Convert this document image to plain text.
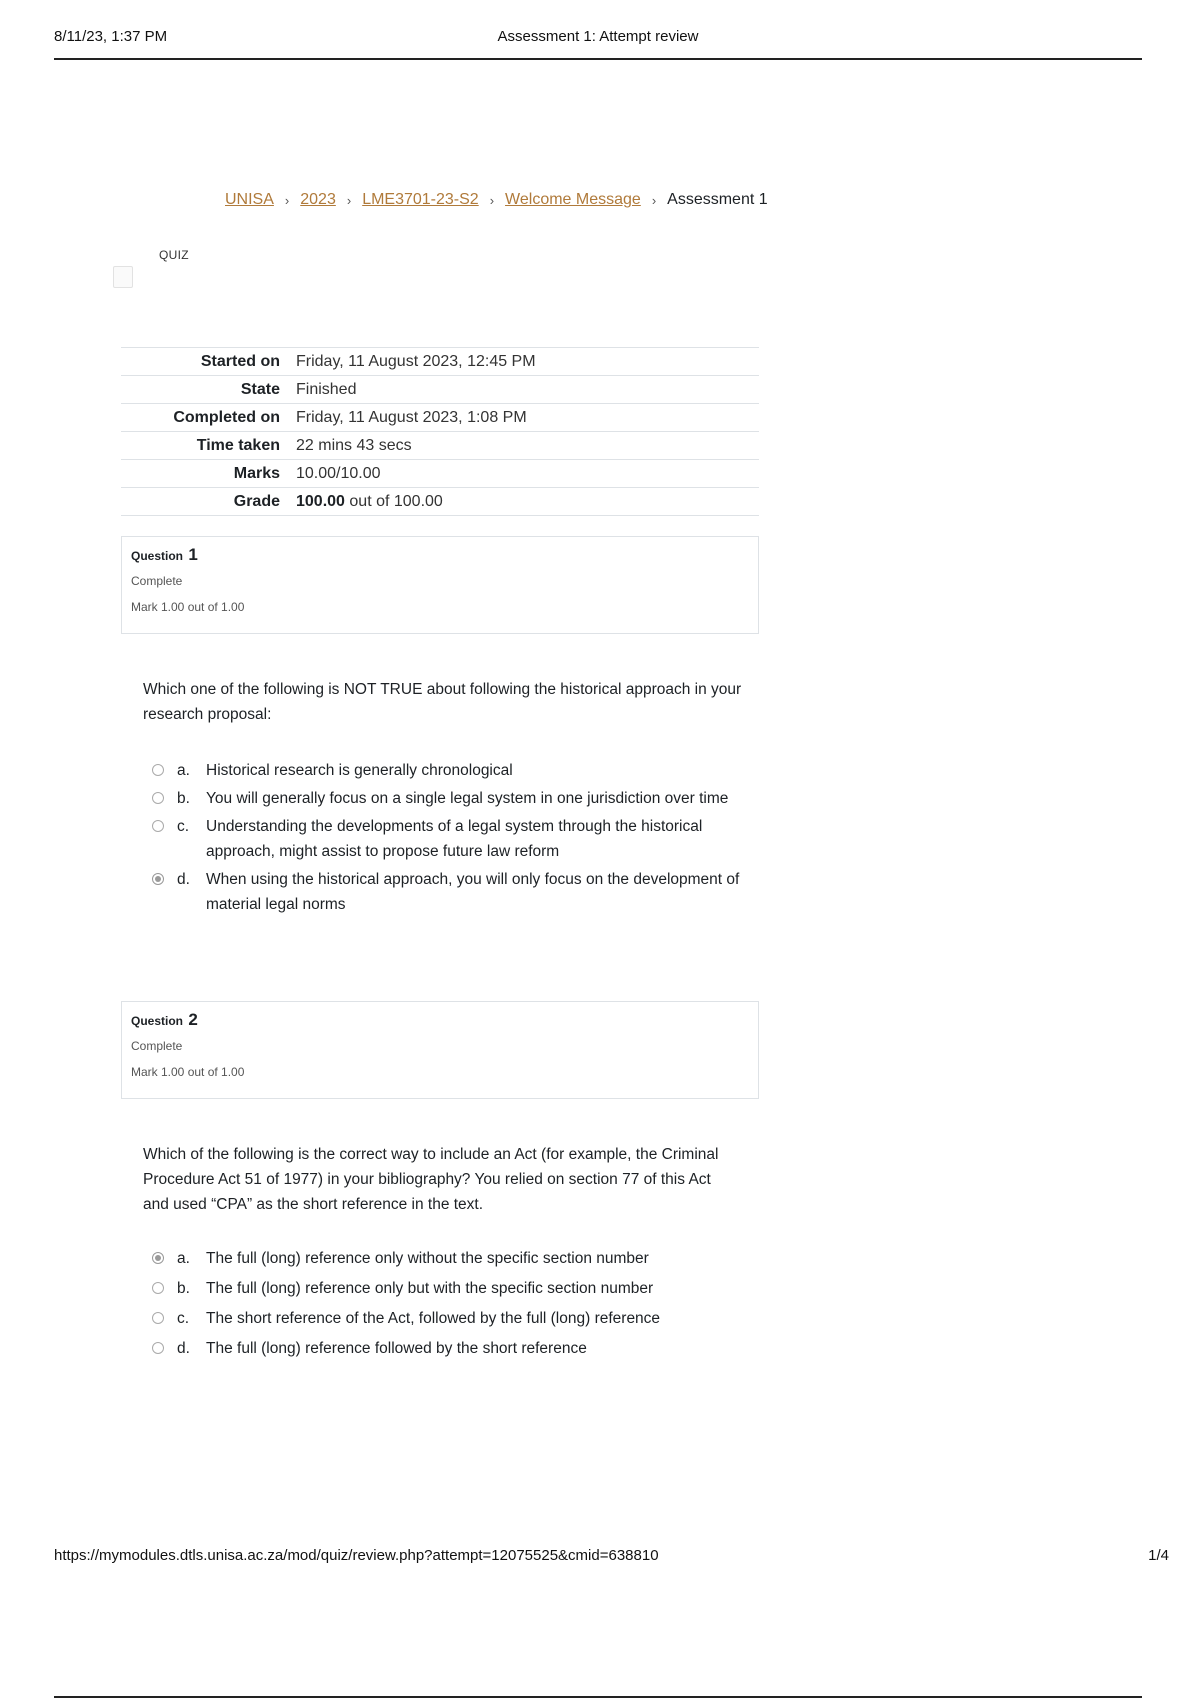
8/11/23, 1:37 PM	Assessment 1: Attempt review
UNISA › 2023 › LME3701-23-S2 › Welcome Message › Assessment 1
QUIZ
Started on	Friday, 11 August 2023, 12:45 PM
State	Finished
Completed on	Friday, 11 August 2023, 1:08 PM
Time taken	22 mins 43 secs
Marks	10.00/10.00
Grade	100.00 out of 100.00
Question 1
Complete
Mark 1.00 out of 1.00
Which one of the following is NOT TRUE about following the historical approach in your research proposal:
a. Historical research is generally chronological
b. You will generally focus on a single legal system in one jurisdiction over time
c. Understanding the developments of a legal system through the historical approach, might assist to propose future law reform
d. When using the historical approach, you will only focus on the development of material legal norms
Question 2
Complete
Mark 1.00 out of 1.00
Which of the following is the correct way to include an Act (for example, the Criminal Procedure Act 51 of 1977) in your bibliography? You relied on section 77 of this Act and used “CPA” as the short reference in the text.
a. The full (long) reference only without the specific section number
b. The full (long) reference only but with the specific section number
c. The short reference of the Act, followed by the full (long) reference
d. The full (long) reference followed by the short reference
https://mymodules.dtls.unisa.ac.za/mod/quiz/review.php?attempt=12075525&cmid=638810	1/4
